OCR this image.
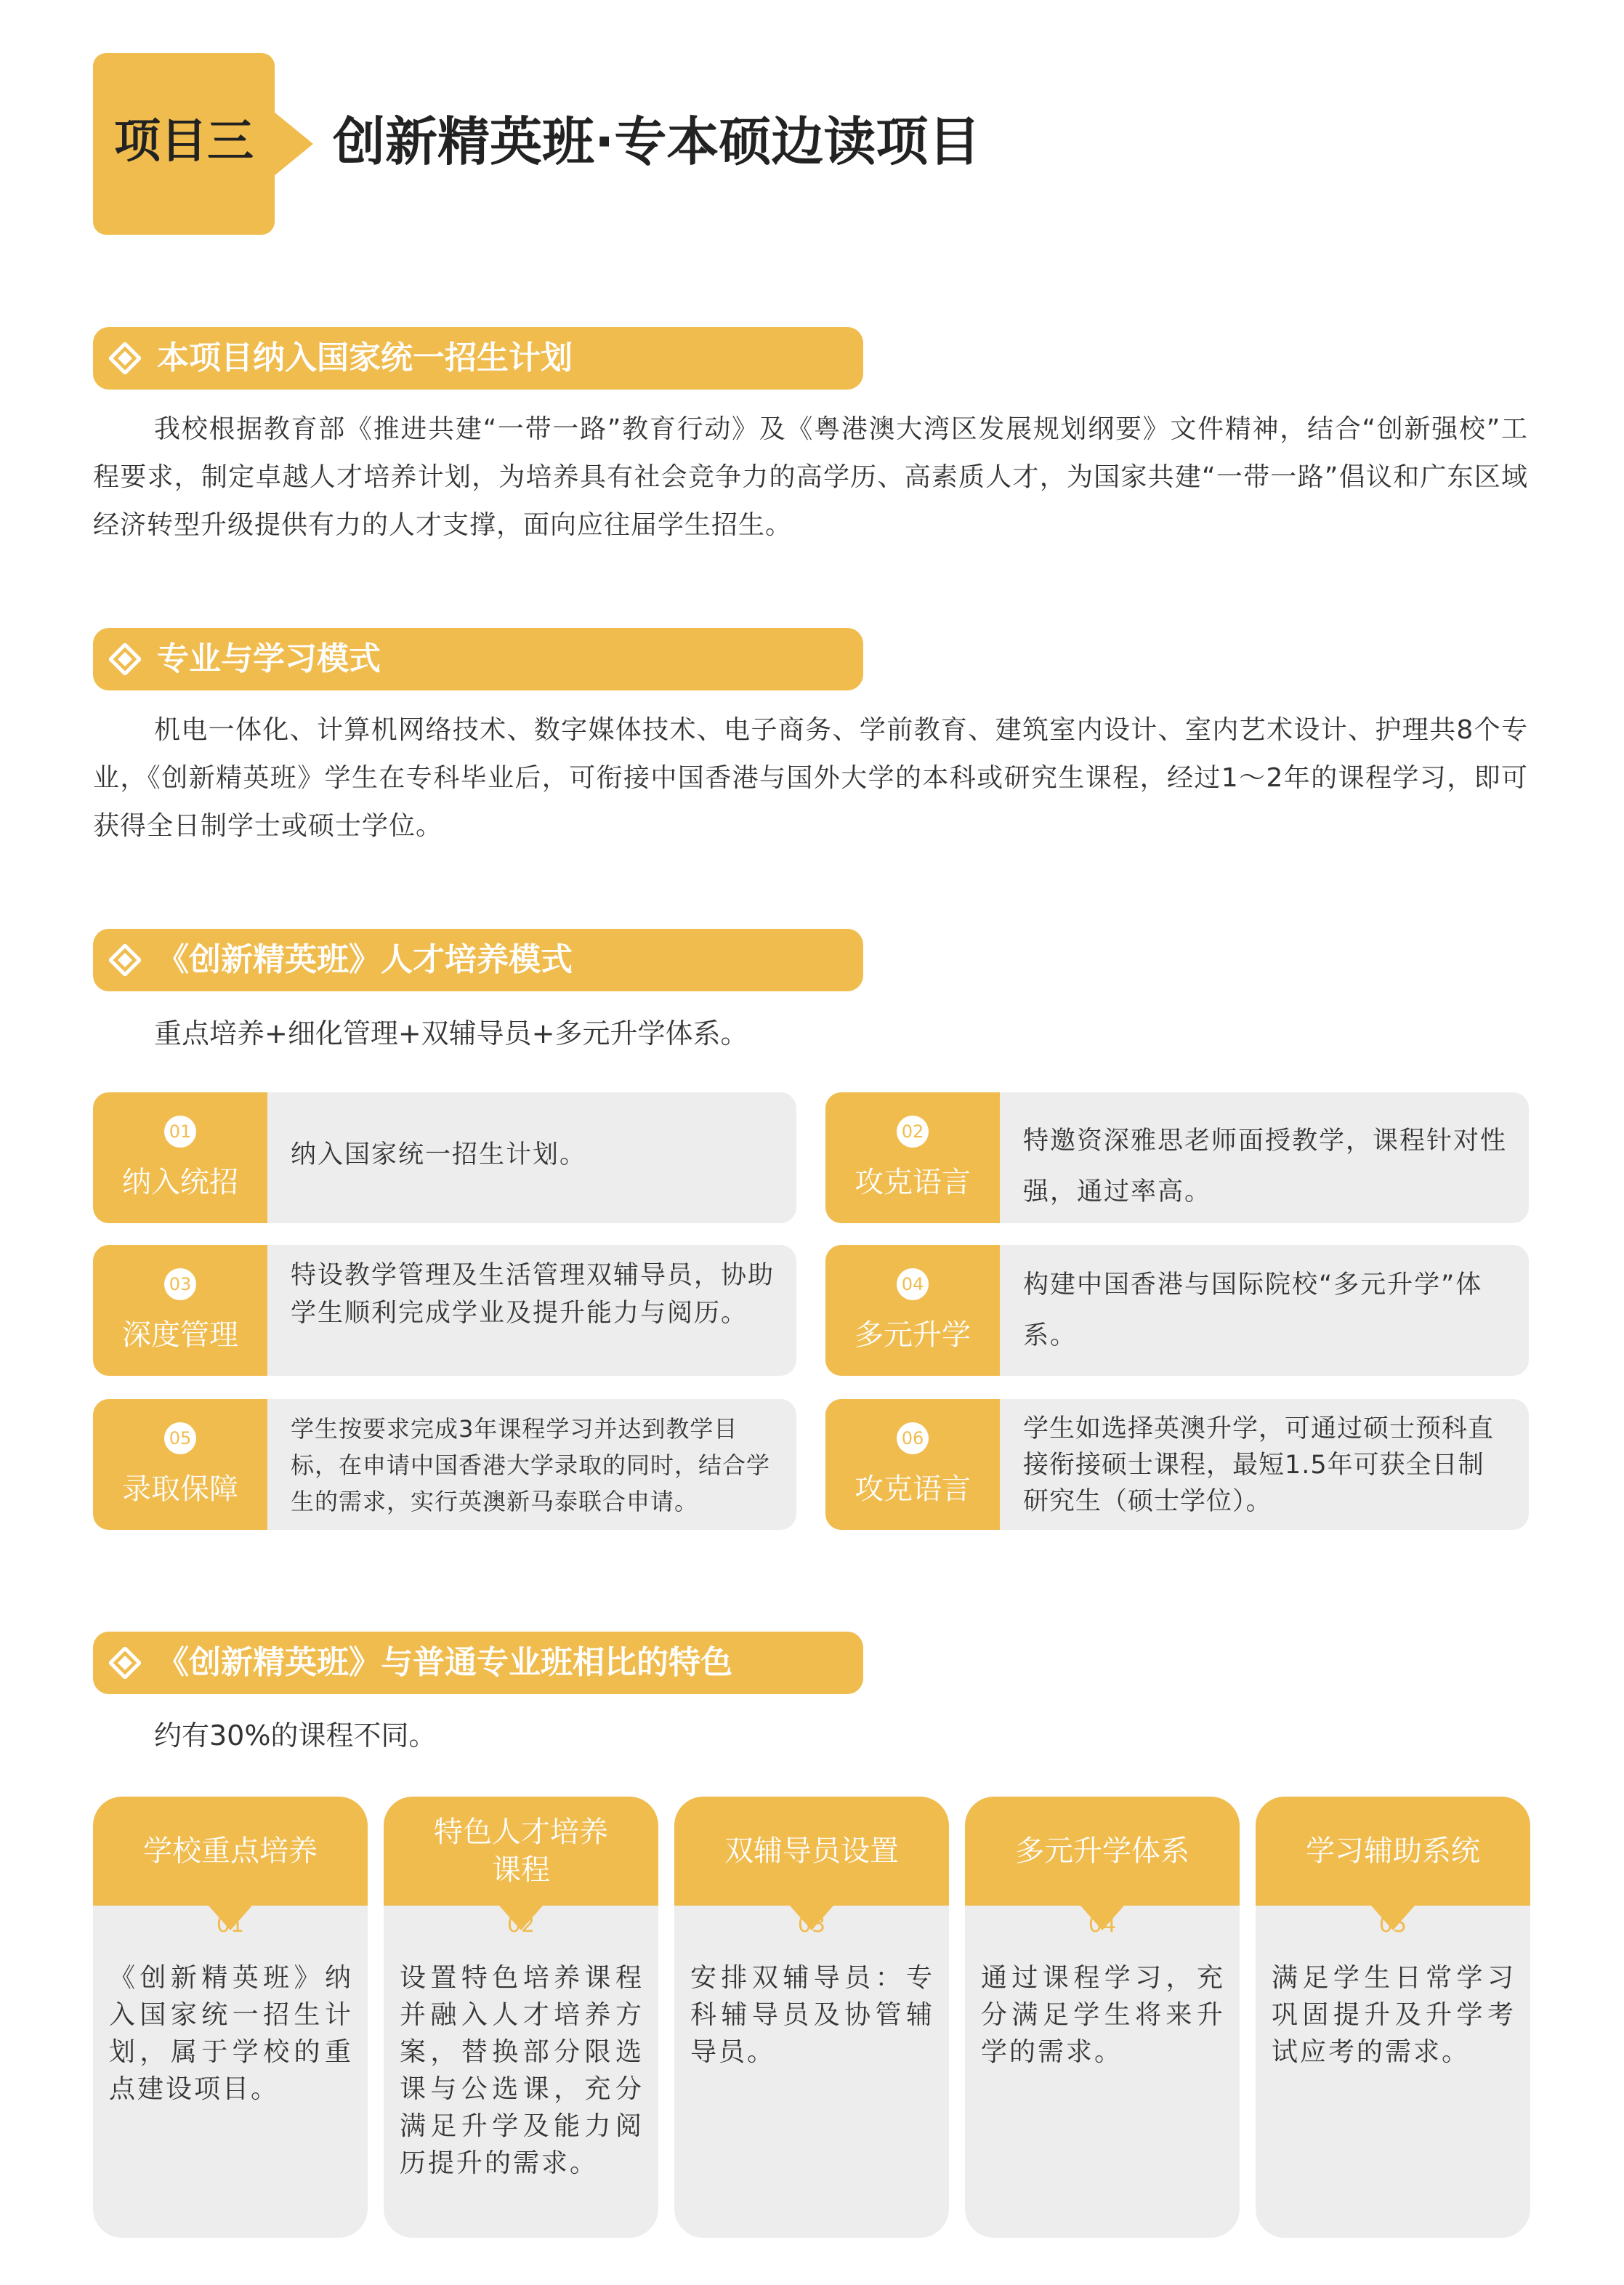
项目三	创新精英班·专本硕边读项目
本项目纳入国家统一招生计划
我校根据教育部《推进共建“一带一路”教育行动》及《粤港澳大湾区发展规划纲要》文件精神，结合“创新强校”工程要求，制定卓越人才培养计划，为培养具有社会竞争力的高学历、高素质人才，为国家共建“一带一路”倡议和广东区域经济转型升级提供有力的人才支撑，面向应往届学生招生。
专业与学习模式
机电一体化、计算机网络技术、数字媒体技术、电子商务、学前教育、建筑室内设计、室内艺术设计、护理共8个专业，《创新精英班》学生在专科毕业后，可衔接中国香港与国外大学的本科或研究生课程，经过1～2年的课程学习，即可获得全日制学士或硕士学位。
《创新精英班》人才培养模式
重点培养+细化管理+双辅导员+多元升学体系。
01
纳入统招
纳入国家统一招生计划。
02
攻克语言
特邀资深雅思老师面授教学，课程针对性强，通过率高。
03
深度管理
特设教学管理及生活管理双辅导员，协助学生顺利完成学业及提升能力与阅历。
04
多元升学
构建中国香港与国际院校“多元升学”体系。
05
录取保障
学生按要求完成3年课程学习并达到教学目标，在申请中国香港大学录取的同时，结合学生的需求，实行英澳新马泰联合申请。
06
攻克语言
学生如选择英澳升学，可通过硕士预科直接衔接硕士课程，最短1.5年可获全日制研究生（硕士学位）。
《创新精英班》与普通专业班相比的特色
约有30%的课程不同。
学校重点培养
01
《创新精英班》纳入国家统一招生计划，属于学校的重点建设项目。
特色人才培养课程
02
设置特色培养课程并融入人才培养方案，替换部分限选课与公选课，充分满足升学及能力阅历提升的需求。
双辅导员设置
03
安排双辅导员：专科辅导员及协管辅导员。
多元升学体系
04
通过课程学习，充分满足学生将来升学的需求。
学习辅助系统
05
满足学生日常学习巩固提升及升学考试应考的需求。
